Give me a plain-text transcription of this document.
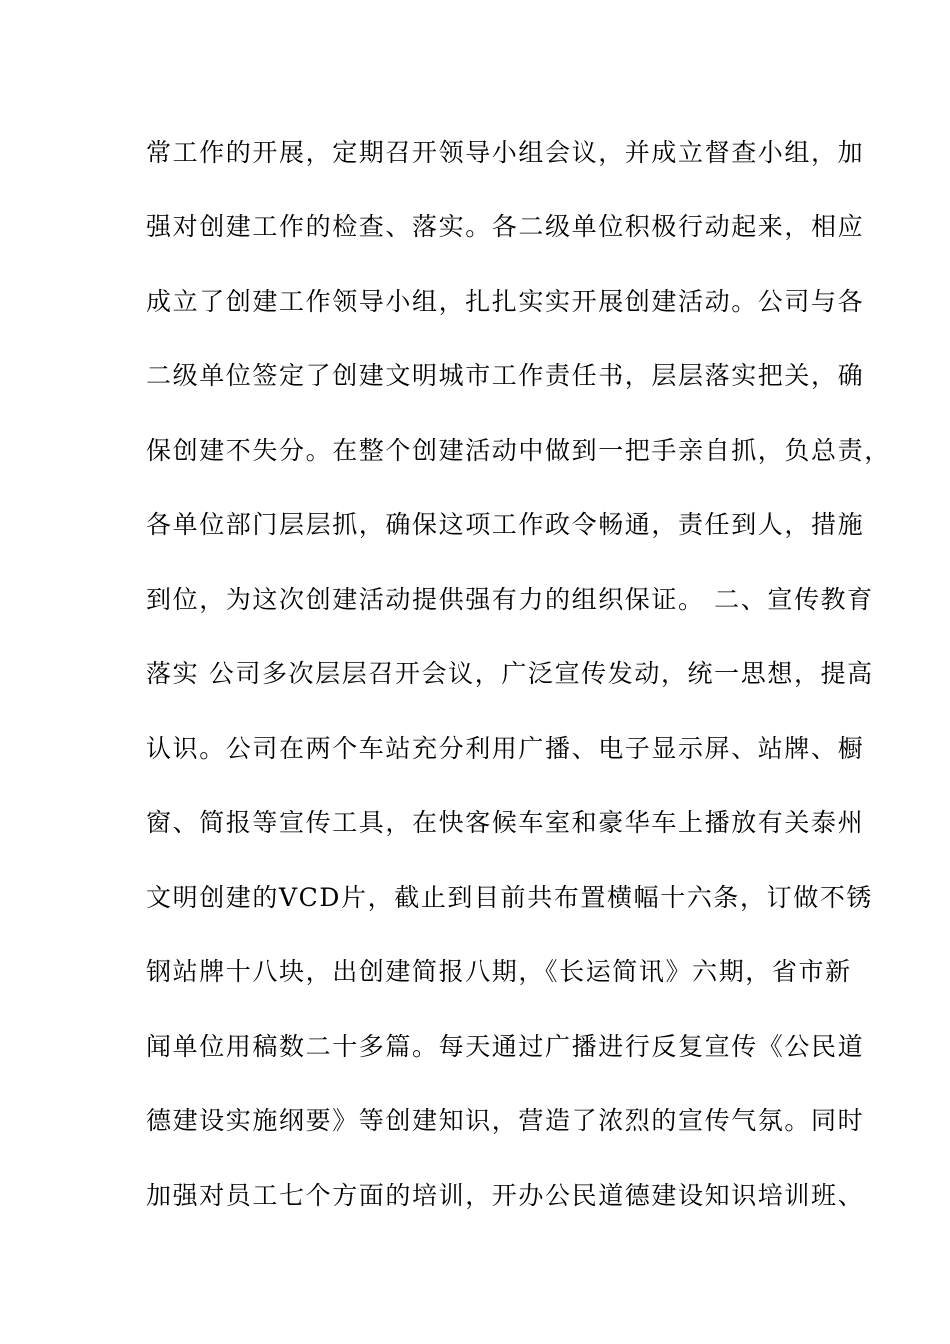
常工作的开展，定期召开领导小组会议，并成立督查小组，加
强对创建工作的检查、落实。各二级单位积极行动起来，相应
成立了创建工作领导小组，扎扎实实开展创建活动。公司与各
二级单位签定了创建文明城市工作责任书，层层落实把关，确
保创建不失分。在整个创建活动中做到一把手亲自抓，负总责，
各单位部门层层抓，确保这项工作政令畅通，责任到人，措施
到位，为这次创建活动提供强有力的组织保证。 二、宣传教育
落实 公司多次层层召开会议，广泛宣传发动，统一思想，提高
认识。公司在两个车站充分利用广播、电子显示屏、站牌、橱
窗、简报等宣传工具，在快客候车室和豪华车上播放有关泰州
文明创建的VCD片，截止到目前共布置横幅十六条，订做不锈
钢站牌十八块，出创建简报八期，《长运简讯》六期，省市新
闻单位用稿数二十多篇。每天通过广播进行反复宣传《公民道
德建设实施纲要》等创建知识，营造了浓烈的宣传气氛。同时
加强对员工七个方面的培训，开办公民道德建设知识培训班、
